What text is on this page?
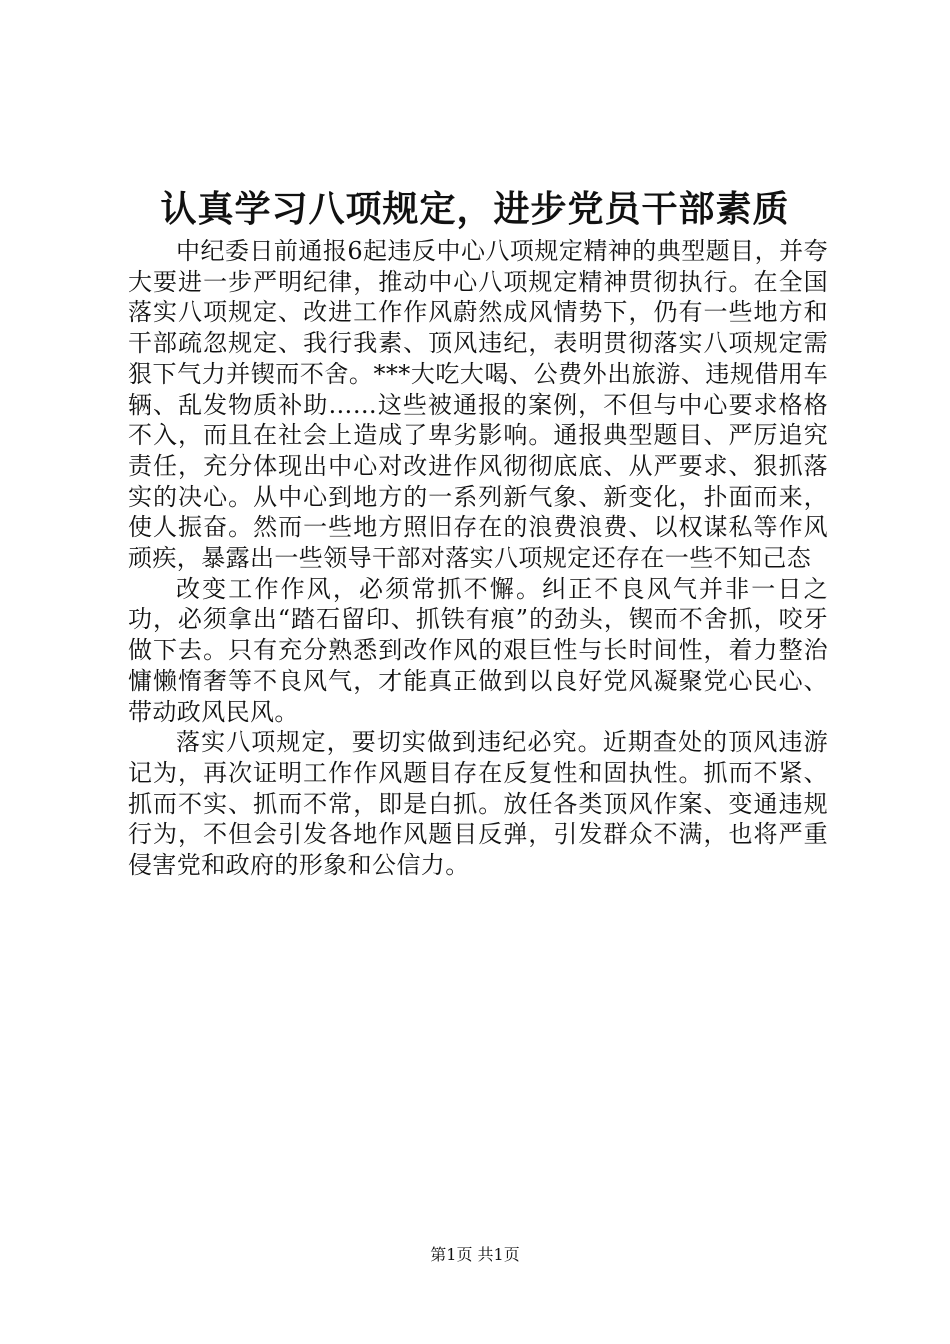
认真学习八项规定，进步党员干部素质

中纪委日前通报6起违反中心八项规定精神的典型题目，并夸大要进一步严明纪律，推动中心八项规定精神贯彻执行。在全国落实八项规定、改进工作作风蔚然成风情势下，仍有一些地方和干部疏忽规定、我行我素、顶风违纪，表明贯彻落实八项规定需狠下气力并锲而不舍。***大吃大喝、公费外出旅游、违规借用车辆、乱发物质补助……这些被通报的案例，不但与中心要求格格不入，而且在社会上造成了卑劣影响。通报典型题目、严厉追究责任，充分体现出中心对改进作风彻彻底底、从严要求、狠抓落实的决心。从中心到地方的一系列新气象、新变化，扑面而来，使人振奋。然而一些地方照旧存在的浪费浪费、以权谋私等作风顽疾，暴露出一些领导干部对落实八项规定还存在一些不知己态

改变工作作风，必须常抓不懈。纠正不良风气并非一日之功，必须拿出“踏石留印、抓铁有痕”的劲头，锲而不舍抓，咬牙做下去。只有充分熟悉到改作风的艰巨性与长时间性，着力整治慵懒惰奢等不良风气，才能真正做到以良好党风凝聚党心民心、带动政风民风。

落实八项规定，要切实做到违纪必究。近期查处的顶风违游记为，再次证明工作作风题目存在反复性和固执性。抓而不紧、抓而不实、抓而不常，即是白抓。放任各类顶风作案、变通违规行为，不但会引发各地作风题目反弹，引发群众不满，也将严重侵害党和政府的形象和公信力。

第1页 共1页
